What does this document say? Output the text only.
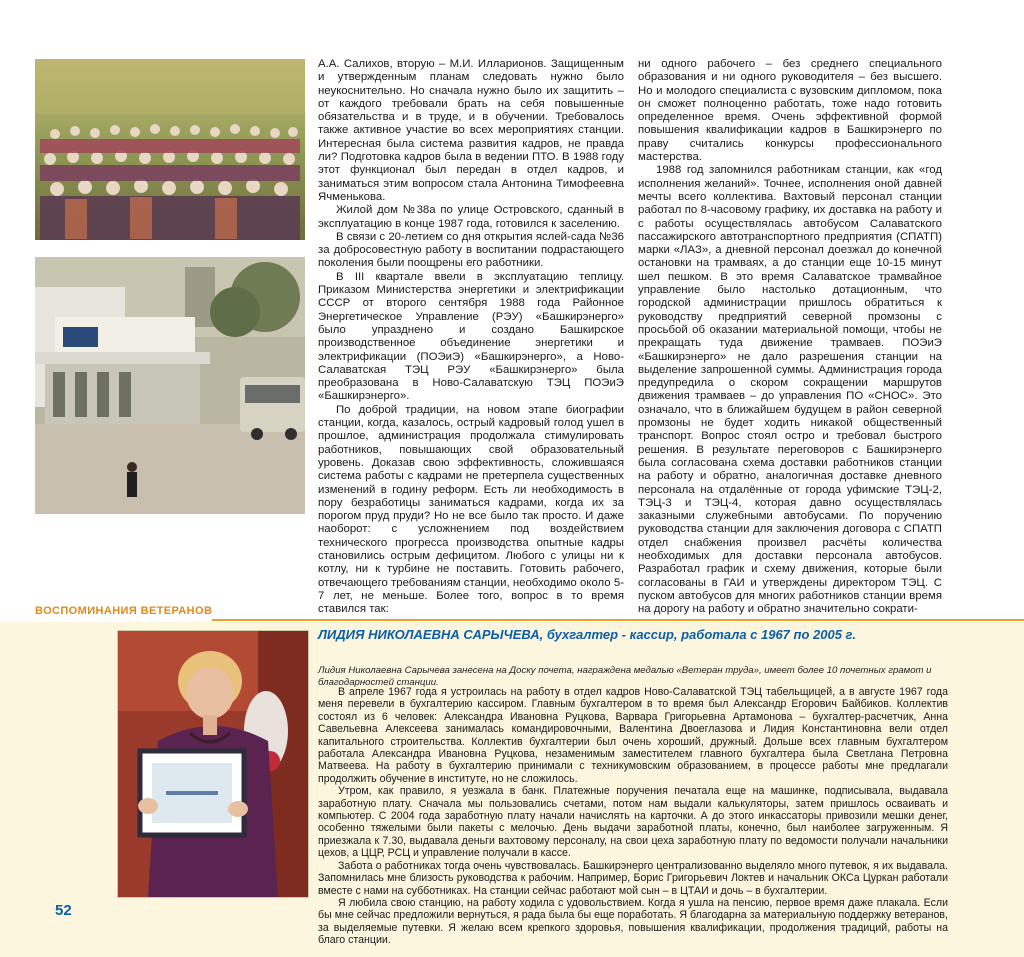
А.А. Салихов, вторую – М.И. Илларионов. Защищенным и утвержденным планам следовать нужно было неукоснительно. Но сначала нужно было их защитить – от каждого требовали брать на себя повышенные обязательства и в труде, и в обучении. Требовалось также активное участие во всех мероприятиях станции. Интересная была система развития кадров, не правда ли? Подготовка кадров была в ведении ПТО. В 1988 году этот функционал был передан в отдел кадров, и заниматься этим вопросом стала Антонина Тимофеевна Ячменькова.

Жилой дом №38а по улице Островского, сданный в эксплуатацию в конце 1987 года, готовился к заселению.

В связи с 20-летием со дня открытия яслей-сада №36 за добросовестную работу в воспитании подрастающего поколения были поощрены его работники.

В III квартале ввели в эксплуатацию теплицу. Приказом Министерства энергетики и электрификации СССР от второго сентября 1988 года Районное Энергетическое Управление (РЭУ) «Башкирэнерго» было упразднено и создано Башкирское производственное объединение энергетики и электрификации (ПОЭиЭ) «Башкирэнерго», а Ново-Салаватская ТЭЦ РЭУ «Башкирэнерго» была преобразована в Ново-Салаватскую ТЭЦ ПОЭиЭ «Башкирэнерго».

По доброй традиции, на новом этапе биографии станции, когда, казалось, острый кадровый голод ушел в прошлое, администрация продолжала стимулировать работников, повышающих свой образовательный уровень. Доказав свою эффективность, сложившаяся система работы с кадрами не претерпела существенных изменений в годину реформ. Есть ли необходимость в пору безработицы заниматься кадрами, когда их за порогом пруд пруди? Но не все было так просто. И даже наоборот: с усложнением под воздействием технического прогресса производства опытные кадры становились острым дефицитом. Любого с улицы ни к котлу, ни к турбине не поставить. Готовить рабочего, отвечающего требованиям станции, необходимо около 5-7 лет, не меньше. Более того, вопрос в то время ставился так:

ни одного рабочего – без среднего специального образования и ни одного руководителя – без высшего. Но и молодого специалиста с вузовским дипломом, пока он сможет полноценно работать, тоже надо готовить определенное время. Очень эффективной формой повышения квалификации кадров в Башкирэнерго по праву считались конкурсы профессионального мастерства.

1988 год запомнился работникам станции, как «год исполнения желаний». Точнее, исполнения оной давней мечты всего коллектива. Вахтовый персонал станции работал по 8-часовому графику, их доставка на работу и с работы осуществлялась автобусом Салаватского пассажирского автотранспортного предприятия (СПАТП) марки «ЛАЗ», а дневной персонал доезжал до конечной остановки на трамваях, а до станции еще 10-15 минут шел пешком. В это время Салаватское трамвайное управление было настолько дотационным, что городской администрации пришлось обратиться к руководству предприятий северной промзоны с просьбой об оказании материальной помощи, чтобы не прекращать туда движение трамваев. ПОЭиЭ «Башкирэнерго» не дало разрешения станции на выделение запрошенной суммы. Администрация города предупредила о скором сокращении маршрутов движения трамваев – до управления ПО «СНОС». Это означало, что в ближайшем будущем в район северной промзоны не будет ходить никакой общественный транспорт. Вопрос стоял остро и требовал быстрого решения. В результате переговоров с Башкирэнерго была согласована схема доставки работников станции на работу и обратно, аналогичная доставке дневного персонала на отдалённые от города уфимские ТЭЦ-2, ТЭЦ-3 и ТЭЦ-4, которая давно осуществлялась заказными служебными автобусами. По поручению руководства станции для заключения договора с СПАТП отдел снабжения произвел расчёты количества необходимых для доставки персонала автобусов. Разработал график и схему движения, которые были согласованы в ГАИ и утверждены директором ТЭЦ. С пуском автобусов для многих работников станции время на дорогу на работу и обратно значительно сократи-

ВОСПОМИНАНИЯ ВЕТЕРАНОВ
ЛИДИЯ НИКОЛАЕВНА САРЫЧЕВА, бухгалтер - кассир, работала с 1967 по 2005 г.
Лидия Николаевна Сарычева занесена на Доску почета, награждена медалью «Ветеран труда», имеет более 10 почетных грамот и благодарностей станции.

В апреле 1967 года я устроилась на работу в отдел кадров Ново-Салаватской ТЭЦ табельщицей, а в августе 1967 года меня перевели в бухгалтерию кассиром. Главным бухгалтером в то время был Александр Егорович Байбиков. Коллектив состоял из 6 человек: Александра Ивановна Руцкова, Варвара Григорьевна Артамонова – бухгалтер-расчетчик, Анна Савельевна Алексеева занималась командировочными, Валентина Двоеглазова и Лидия Константиновна вели отдел капитального строительства. Коллектив бухгалтерии был очень хороший, дружный. Дольше всех главным бухгалтером работала Александра Ивановна Руцкова, незаменимым заместителем главного бухгалтера была Светлана Петровна Матвеева. На работу в бухгалтерию принимали с техникумовским образованием, в процессе работы мне предлагали продолжить обучение в институте, но не сложилось.

Утром, как правило, я уезжала в банк. Платежные поручения печатала еще на машинке, подписывала, выдавала заработную плату. Сначала мы пользовались счетами, потом нам выдали калькуляторы, затем пришлось осваивать и компьютер. С 2004 года заработную плату начали начислять на карточки. А до этого инкассаторы привозили мешки денег, особенно тяжелыми были пакеты с мелочью. День выдачи заработной платы, конечно, был наиболее загруженным. Я приезжала к 7.30, выдавала деньги вахтовому персоналу, на свои цеха заработную плату по ведомости получали начальники цехов, а ЦЦР, РСЦ и управление получали в кассе.

Забота о работниках тогда очень чувствовалась. Башкирэнерго централизованно выделяло много путевок, я их выдавала. Запомнилась мне близость руководства к рабочим. Например, Борис Григорьевич Локтев и начальник ОКСа Цуркан работали вместе с нами на субботниках. На станции сейчас работают мой сын – в ЦТАИ и дочь – в бухгалтерии.

Я любила свою станцию, на работу ходила с удовольствием. Когда я ушла на пенсию, первое время даже плакала. Если бы мне сейчас предложили вернуться, я рада была бы еще поработать. Я благодарна за материальную поддержку ветеранов, за выделяемые путевки. Я желаю всем крепкого здоровья, повышения квалификации, продолжения традиций, работы на благо станции.

52
